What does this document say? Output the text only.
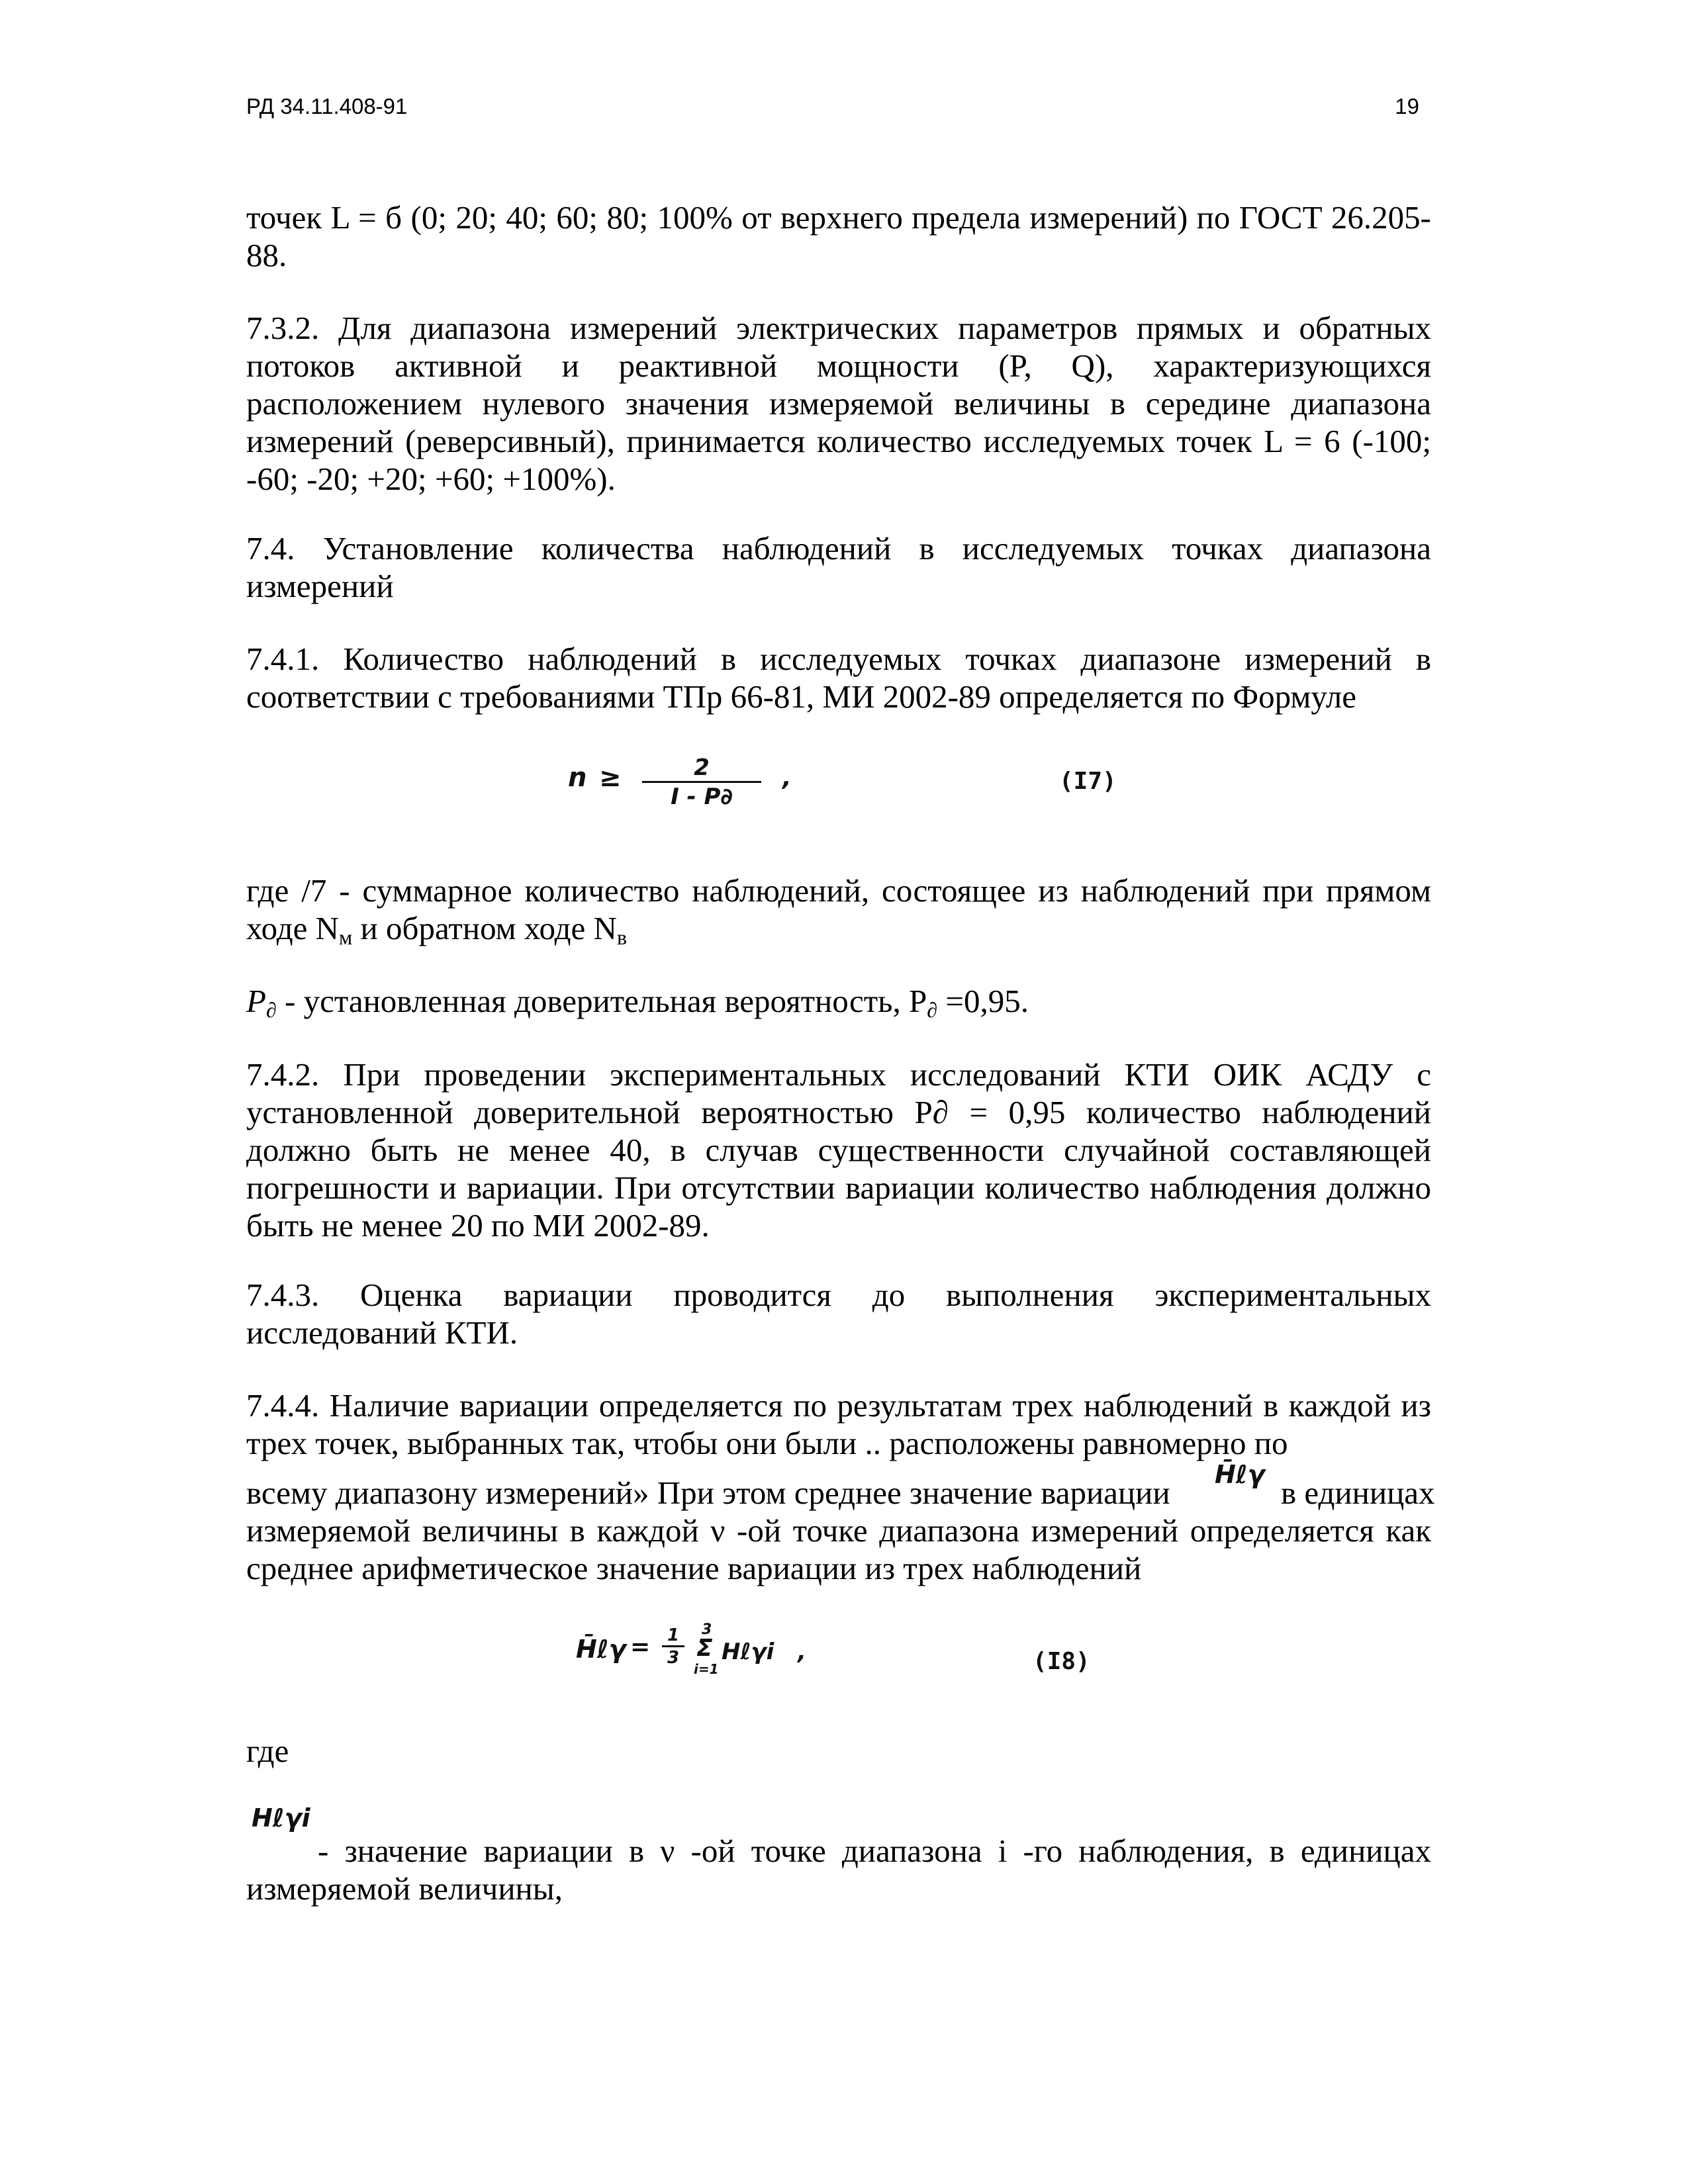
РД 34.11.408-91	19
точек L = б (0; 20; 40; 60; 80; 100% от верхнего предела измерений) по ГОСТ 26.205-88.
7.3.2. Для диапазона измерений электрических параметров прямых и обратных потоков активной и реактивной мощности (P, Q), характеризующихся расположением нулевого значения измеряемой величины в середине диапазона измерений (реверсивный), принимается количество исследуемых точек L = 6 (-100; -60; -20; +20; +60; +100%).
7.4. Установление количества наблюдений в исследуемых точках диапазона измерений
7.4.1. Количество наблюдений в исследуемых точках диапазоне измерений в соответствии с требованиями ТПр 66-81, МИ 2002-89 определяется по Формуле
n ≥	2
I - P∂
,	(I7)
где /7 - суммарное количество наблюдений, состоящее из наблюдений при прямом ходе $N_м$ и обратном ходе $N_в$
$P_\partial$ - установленная доверительная вероятность, $P_\partial =0,95$.
7.4.2. При проведении экспериментальных исследований КТИ ОИК АСДУ с установленной доверительной вероятностью P∂ = 0,95 количество наблюдений должно быть не менее 40, в случав существенности случайной составляющей погрешности и вариации. При отсутствии вариации количество наблюдения должно быть не менее 20 по МИ 2002-89.
7.4.3. Оценка вариации проводится до выполнения экспериментальных исследований КТИ.
7.4.4. Наличие вариации определяется по результатам трех наблюдений в каждой из трех точек, выбранных так, чтобы они были .. расположены равномерно по
всему диапазону измерений» При этом среднее значение вариации	H̄ℓγ в единицах
измеряемой величины в каждой ν -ой точке диапазона измерений определяется как среднее арифметическое значение вариации из трех наблюдений
H̄ℓγ = 1
3
3
Σ
i=1
Hℓγi ,	(I8)
где
Hℓγi
- значение вариации в ν -ой точке диапазона i -го наблюдения, в единицах
измеряемой величины,
